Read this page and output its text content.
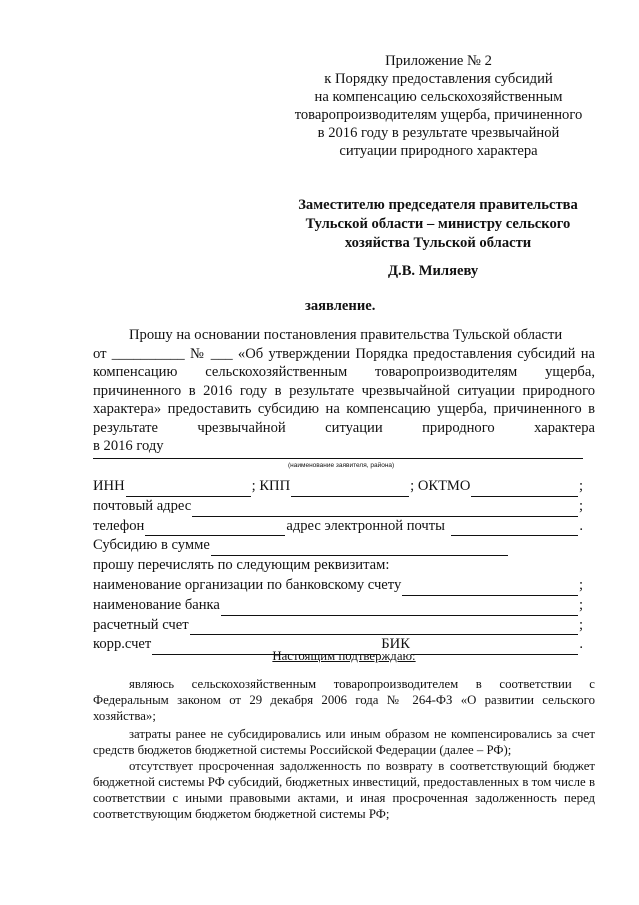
Приложение № 2
к Порядку предоставления субсидий
на компенсацию сельскохозяйственным
товаропроизводителям ущерба, причиненного
в 2016 году в результате чрезвычайной
ситуации природного характера
Заместителю председателя правительства
Тульской области – министру сельского
хозяйства Тульской области
Д.В. Миляеву
заявление.

Прошу на основании постановления правительства Тульской области

от __________ № ___ «Об утверждении Порядка предоставления субсидий на

компенсацию сельскохозяйственным товаропроизводителям ущерба,

причиненного в 2016 году в результате чрезвычайной ситуации природного

характера» предоставить субсидию на компенсацию ущерба, причиненного в

результате чрезвычайной ситуации природного характера

в 2016 году

(наименование заявителя, района)
ИНН	; КПП	; ОКТМО	;
почтовый адрес	;
телефон	адрес электронной почты	.
Субсидию в сумме
прошу перечислять по следующим реквизитам:
наименование организации по банковскому счету	;
наименование банка	;
расчетный счет	;
корр.счет	БИК	.
Настоящим подтверждаю:

являюсь сельскохозяйственным товаропроизводителем в соответствии с Федеральным законом от 29 декабря 2006 года № 264-ФЗ «О развитии сельского хозяйства»;

затраты ранее не субсидировались или иным образом не компенсировались за счет средств бюджетов бюджетной системы Российской Федерации (далее – РФ);

отсутствует просроченная задолженность по возврату в соответствующий бюджет бюджетной системы РФ субсидий, бюджетных инвестиций, предоставленных в том числе в соответствии с иными правовыми актами, и иная просроченная задолженность перед соответствующим бюджетом бюджетной системы РФ;
